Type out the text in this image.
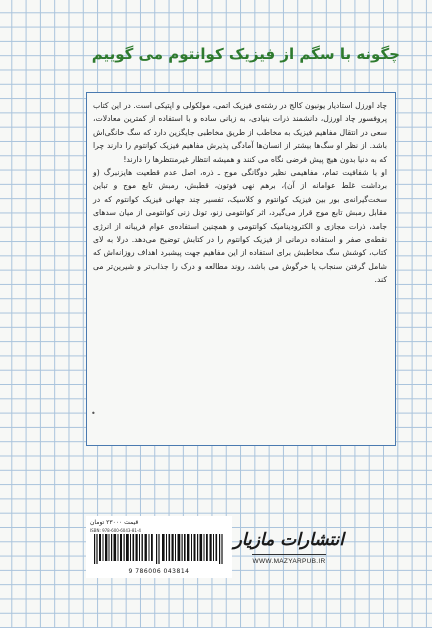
چگونه با سگم از فیزیک کوانتوم می گوییم

چاد اورزل استادیار یونیون کالج در رشته‌ی فیزیک اتمی، مولکولی و اپتیکی است. در این کتاب پروفسور چاد اورزل، دانشمند ذرات بنیادی، به زبانی ساده و با استفاده از کمترین معادلات، سعی در انتقال مفاهیم فیزیک به مخاطب از طریق مخاطبی جایگزین دارد که سگ خانگی‌اش باشد. از نظر او سگ‌ها بیشتر از انسان‌ها آمادگی پذیرش مفاهیم فیزیک کوانتوم را دارند چرا که به دنیا بدون هیچ پیش فرضی نگاه می کنند و همیشه انتظار غیرمنتظرها را دارند!

او با شفافیت تمام، مفاهیمی نظیر دوگانگی موج ـ ذره، اصل عدم قطعیت هایزنبرگ (و برداشت غلط عوامانه از آن)، برهم نهی فوتون، قطبش، رمبش تابع موج و تباین سخت‌گیرانه‌ی بور بین فیزیک کوانتوم و کلاسیک، تفسیر چند جهانی فیزیک کوانتوم که در مقابل رمبش تابع موج قرار می‌گیرد، اثر کوانتومی زنو، تونل زنی کوانتومی از میان سدهای جامد، ذرات مجازی و الکترودینامیک کوانتومی و همچنین استفاده‌ی عوام فریبانه از انرژی نقطه‌ی صفر و استفاده درمانی از فیزیک کوانتوم را در کتابش توضیح می‌دهد. درلا به لای کتاب، کوشش سگ مخاطبش برای استفاده از این مفاهیم جهت پیشبرد اهداف روزانه‌اش که شامل گرفتن سنجاب یا خرگوش می باشد، روند مطالعه و درک را جذاب‌تر و شیرین‌تر می کند.

•
قیمت ۲۳۰۰۰ تومان
ISBN: 978-600-6043-81-4
9 786006 043814
انتشارات مازیار
WWW.MAZYARPUB.IR
